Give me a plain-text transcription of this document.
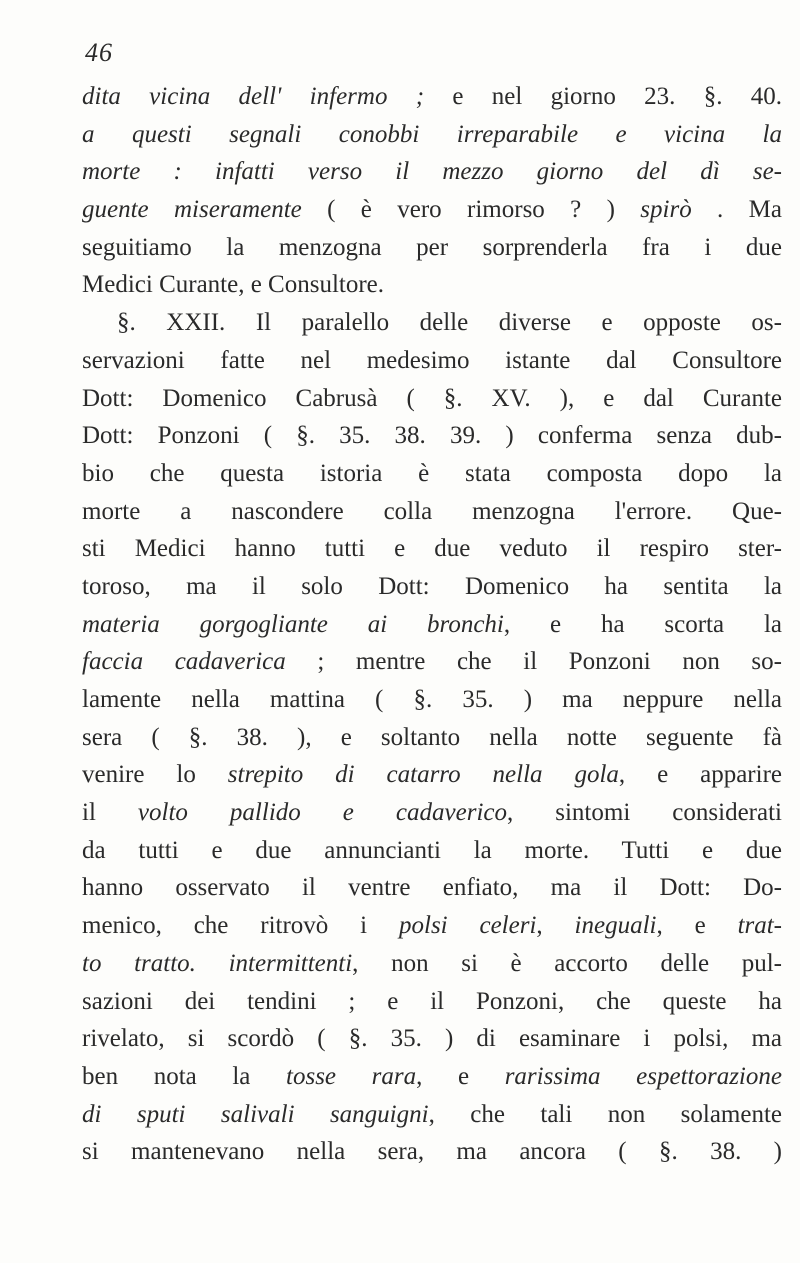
46
dita vicina dell' infermo ; e nel giorno 23. §. 40.
a questi segnali conobbi irreparabile e vicina la
morte : infatti verso il mezzo giorno del dì se-
guente miseramente ( è vero rimorso ? ) spirò . Ma
seguitiamo la menzogna per sorprenderla fra i due
Medici Curante, e Consultore.
§. XXII. Il paralello delle diverse e opposte os-
servazioni fatte nel medesimo istante dal Consultore
Dott: Domenico Cabrusà ( §. XV. ), e dal Curante
Dott: Ponzoni ( §. 35. 38. 39. ) conferma senza dub-
bio che questa istoria è stata composta dopo la
morte a nascondere colla menzogna l'errore. Que-
sti Medici hanno tutti e due veduto il respiro ster-
toroso, ma il solo Dott: Domenico ha sentita la
materia gorgogliante ai bronchi, e ha scorta la
faccia cadaverica ; mentre che il Ponzoni non so-
lamente nella mattina ( §. 35. ) ma neppure nella
sera ( §. 38. ), e soltanto nella notte seguente fà
venire lo strepito di catarro nella gola, e apparire
il volto pallido e cadaverico, sintomi considerati
da tutti e due annuncianti la morte. Tutti e due
hanno osservato il ventre enfiato, ma il Dott: Do-
menico, che ritrovò i polsi celeri, ineguali, e trat-
to tratto. intermittenti, non si è accorto delle pul-
sazioni dei tendini ; e il Ponzoni, che queste ha
rivelato, si scordò ( §. 35. ) di esaminare i polsi, ma
ben nota la tosse rara, e rarissima espettorazione
di sputi salivali sanguigni, che tali non solamente
si mantenevano nella sera, ma ancora ( §. 38. )
